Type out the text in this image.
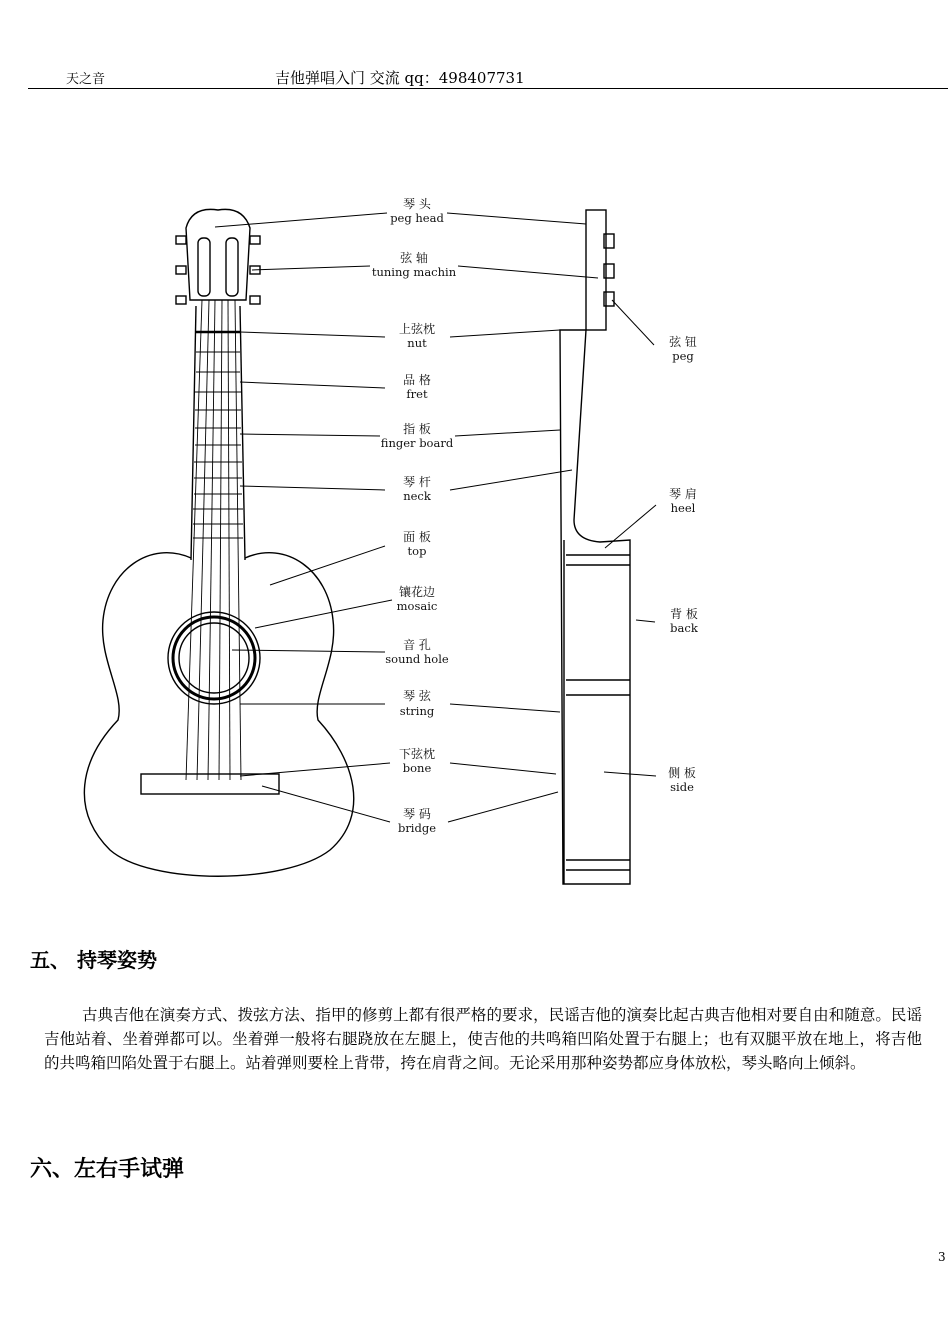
天之音	吉他弹唱入门 交流 qq：498407731
琴 头
peg head
弦 轴
tuning machin
上弦枕
nut
品 格
fret
指 板
finger board
琴 杆
neck
面 板
top
镶花边
mosaic
音 孔
sound hole
琴 弦
string
下弦枕
bone
琴 码
bridge
弦 钮
peg
琴 肩
heel
背 板
back
侧 板
side
五、 持琴姿势

古典吉他在演奏方式、拨弦方法、指甲的修剪上都有很严格的要求，民谣吉他的演奏比起古典吉他相对要自由和随意。民谣吉他站着、坐着弹都可以。坐着弹一般将右腿跷放在左腿上，使吉他的共鸣箱凹陷处置于右腿上；也有双腿平放在地上，将吉他的共鸣箱凹陷处置于右腿上。站着弹则要栓上背带，挎在肩背之间。无论采用那种姿势都应身体放松，琴头略向上倾斜。

六、左右手试弹
3
